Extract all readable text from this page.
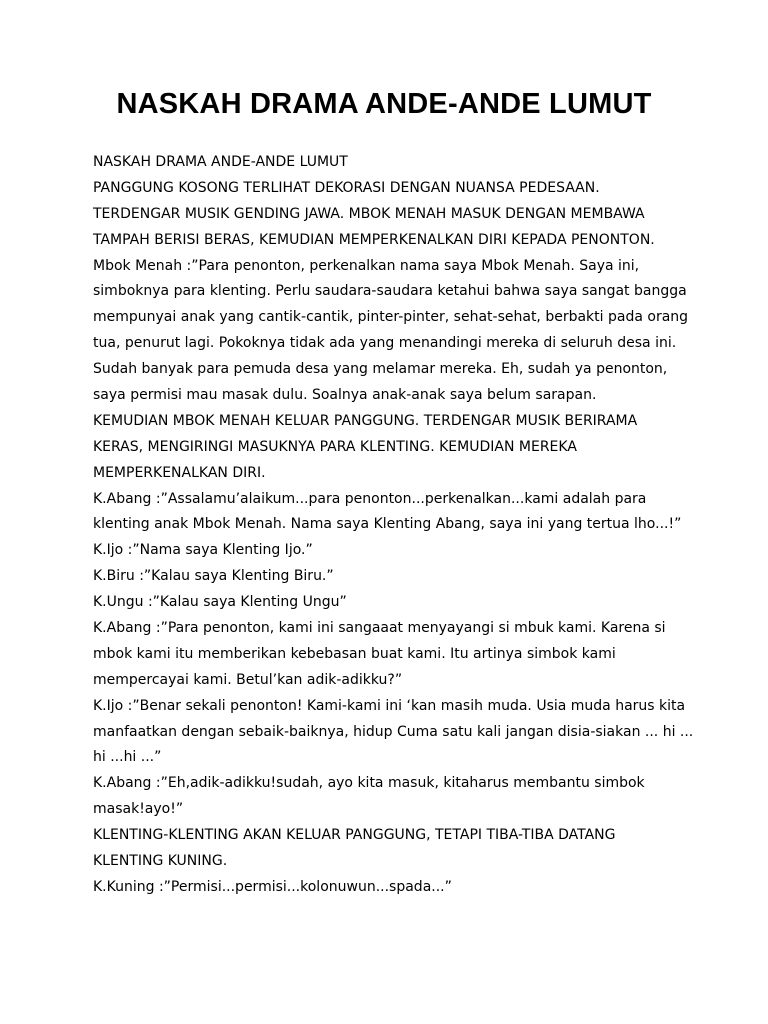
NASKAH DRAMA ANDE-ANDE LUMUT
NASKAH DRAMA ANDE-ANDE LUMUT
PANGGUNG KOSONG TERLIHAT DEKORASI DENGAN NUANSA PEDESAAN.
TERDENGAR MUSIK GENDING JAWA. MBOK MENAH MASUK DENGAN MEMBAWA
TAMPAH BERISI BERAS, KEMUDIAN MEMPERKENALKAN DIRI KEPADA PENONTON.
Mbok Menah :”Para penonton, perkenalkan nama saya Mbok Menah. Saya ini,
simboknya para klenting. Perlu saudara-saudara ketahui bahwa saya sangat bangga
mempunyai anak yang cantik-cantik, pinter-pinter, sehat-sehat, berbakti pada orang
tua, penurut lagi. Pokoknya tidak ada yang menandingi mereka di seluruh desa ini.
Sudah banyak para pemuda desa yang melamar mereka. Eh, sudah ya penonton,
saya permisi mau masak dulu. Soalnya anak-anak saya belum sarapan.
KEMUDIAN MBOK MENAH KELUAR PANGGUNG. TERDENGAR MUSIK BERIRAMA
KERAS, MENGIRINGI MASUKNYA PARA KLENTING. KEMUDIAN MEREKA
MEMPERKENALKAN DIRI.
K.Abang :”Assalamu’alaikum...para penonton...perkenalkan...kami adalah para
klenting anak Mbok Menah. Nama saya Klenting Abang, saya ini yang tertua lho...!”
K.Ijo :”Nama saya Klenting Ijo.”
K.Biru :”Kalau saya Klenting Biru.”
K.Ungu :”Kalau saya Klenting Ungu”
K.Abang :”Para penonton, kami ini sangaaat menyayangi si mbuk kami. Karena si
mbok kami itu memberikan kebebasan buat kami. Itu artinya simbok kami
mempercayai kami. Betul’kan adik-adikku?”
K.Ijo :”Benar sekali penonton! Kami-kami ini ‘kan masih muda. Usia muda harus kita
manfaatkan dengan sebaik-baiknya, hidup Cuma satu kali jangan disia-siakan ... hi ...
hi ...hi ...”
K.Abang :”Eh,adik-adikku!sudah, ayo kita masuk, kitaharus membantu simbok
masak!ayo!”
KLENTING-KLENTING AKAN KELUAR PANGGUNG, TETAPI TIBA-TIBA DATANG
KLENTING KUNING.
K.Kuning :”Permisi...permisi...kolonuwun...spada...”
